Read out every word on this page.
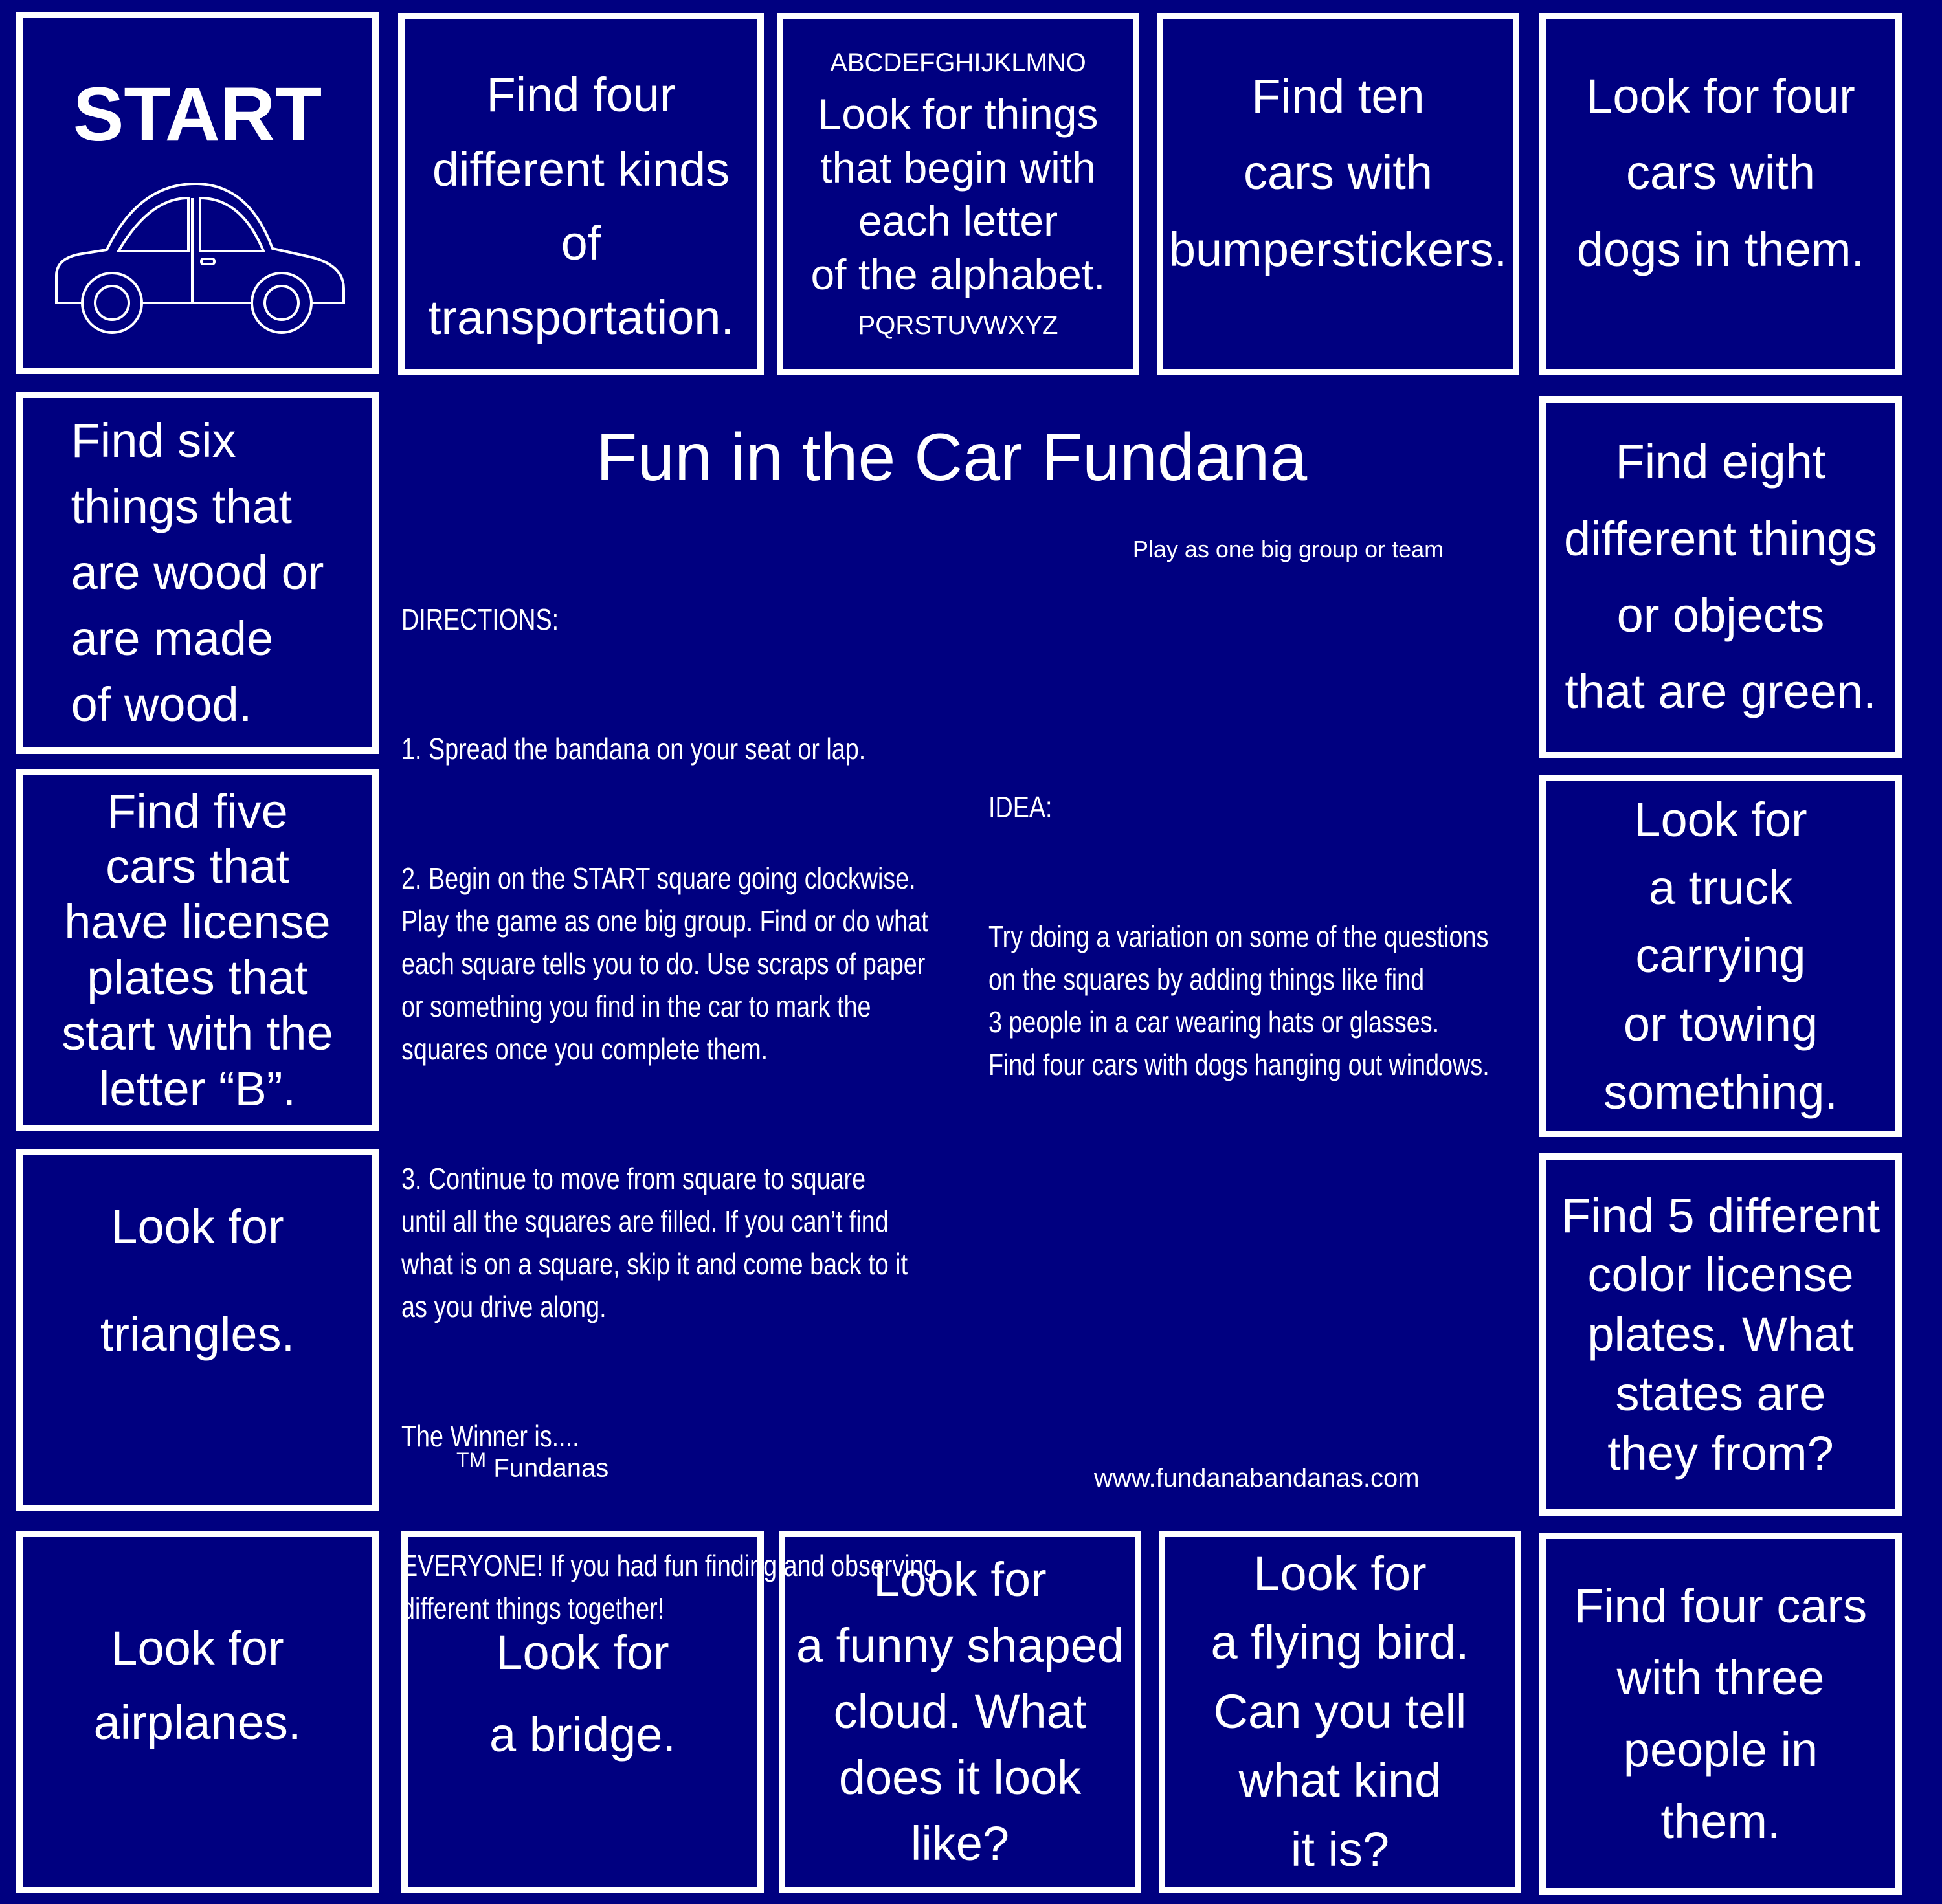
START	Find four
different kinds
of transportation.
ABCDEFGHIJKLMNO
Look for things
that begin with
each letter
of the alphabet.
PQRSTUVWXYZ
Find ten
cars with
bumperstickers.
Look for four
cars with
dogs in them.
Find six
things that
are wood or
are made
of wood.
Find five
cars that
have license
plates that
start with the
letter “B”.
Look for

triangles.
Find eight
different things
or objects
that are green.
Look for
a truck
carrying
or towing
something.
Find 5 different
color license
plates. What
states are
they from?
Look for
airplanes.
Look for
a bridge.
Look for
a funny shaped
cloud. What
does it look
like?
Look for
a flying bird.
Can you tell
what kind
it is?
Find four cars
with three
people in
them.
Fun in the Car Fundana
Play as one big group or team

DIRECTIONS:

1. Spread the bandana on your seat or lap.

2. Begin on the START square going clockwise.
Play the game as one big group. Find or do what
each square tells you to do. Use scraps of paper
or something you find in the car to mark the
squares once you complete them.

3. Continue to move from square to square
until all the squares are filled. If you can’t find
what is on a square, skip it and come back to it
as you drive along.

The Winner is....

EVERYONE! If you had fun finding and observing
different things together!

IDEA:

Try doing a variation on some of the questions
on the squares by adding things like find
3 people in a car wearing hats or glasses.
Find four cars with dogs hanging out windows.

™ Fundanas	www.fundanabandanas.com
